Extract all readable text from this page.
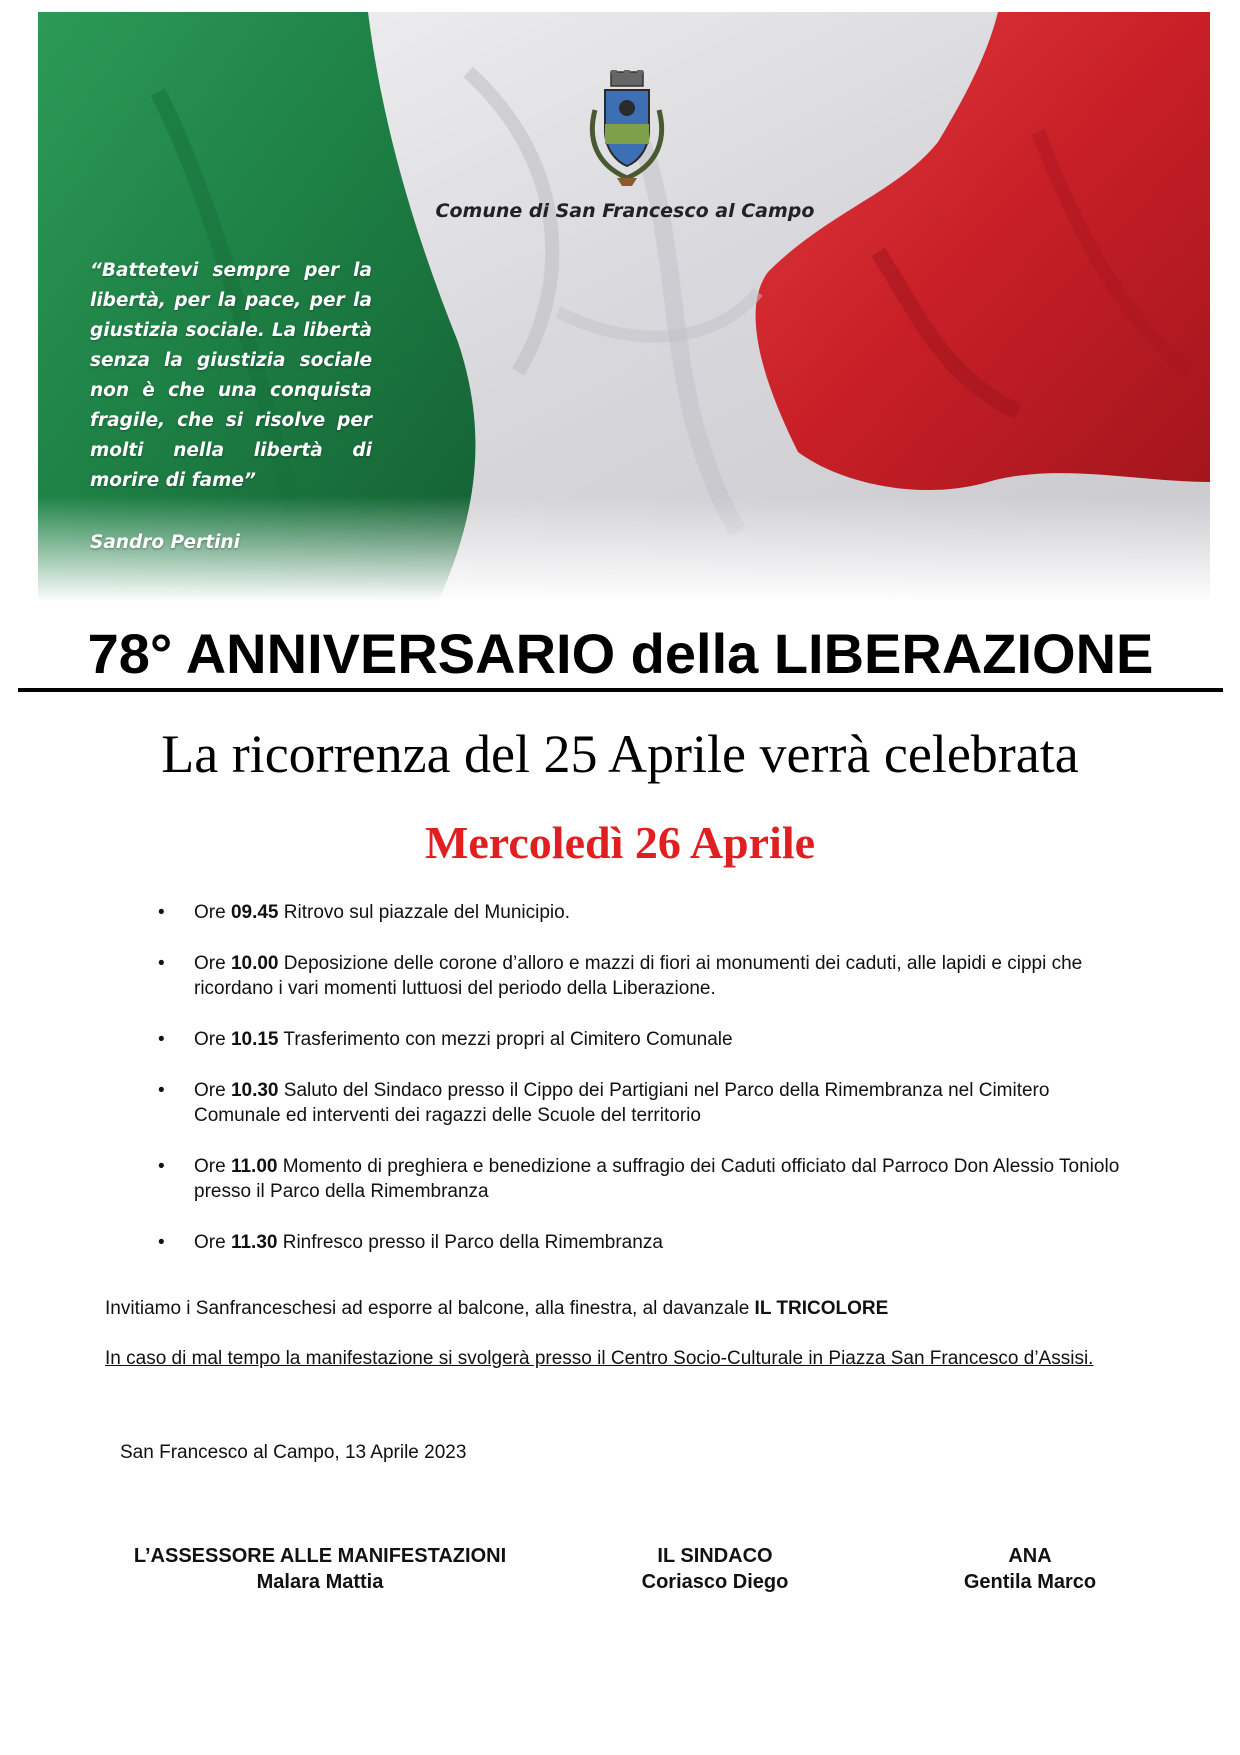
Comune di San Francesco al Campo
“Battetevi sempre per la libertà, per la pace, per la giustizia sociale. La libertà senza la giustizia sociale non è che una conquista fragile, che si risolve per molti nella libertà di morire di fame”
Sandro Pertini
78° ANNIVERSARIO della LIBERAZIONE
La ricorrenza del 25 Aprile verrà celebrata
Mercoledì 26 Aprile
• Ore 09.45 Ritrovo sul piazzale del Municipio.
• Ore 10.00 Deposizione delle corone d’alloro e mazzi di fiori ai monumenti dei caduti, alle lapidi e cippi che ricordano i vari momenti luttuosi del periodo della Liberazione.
• Ore 10.15 Trasferimento con mezzi propri al Cimitero Comunale
• Ore 10.30 Saluto del Sindaco presso il Cippo dei Partigiani nel Parco della Rimembranza nel Cimitero Comunale ed interventi dei ragazzi delle Scuole del territorio
• Ore 11.00 Momento di preghiera e benedizione a suffragio dei Caduti officiato dal Parroco Don Alessio Toniolo presso il Parco della Rimembranza
• Ore 11.30 Rinfresco presso il Parco della Rimembranza
Invitiamo i Sanfranceschesi ad esporre al balcone, alla finestra, al davanzale IL TRICOLORE
In caso di mal tempo la manifestazione si svolgerà presso il Centro Socio-Culturale in Piazza San Francesco d’Assisi.
San Francesco al Campo, 13 Aprile 2023
L’ASSESSORE ALLE MANIFESTAZIONI
Malara Mattia
IL SINDACO
Coriasco Diego
ANA
Gentila Marco
